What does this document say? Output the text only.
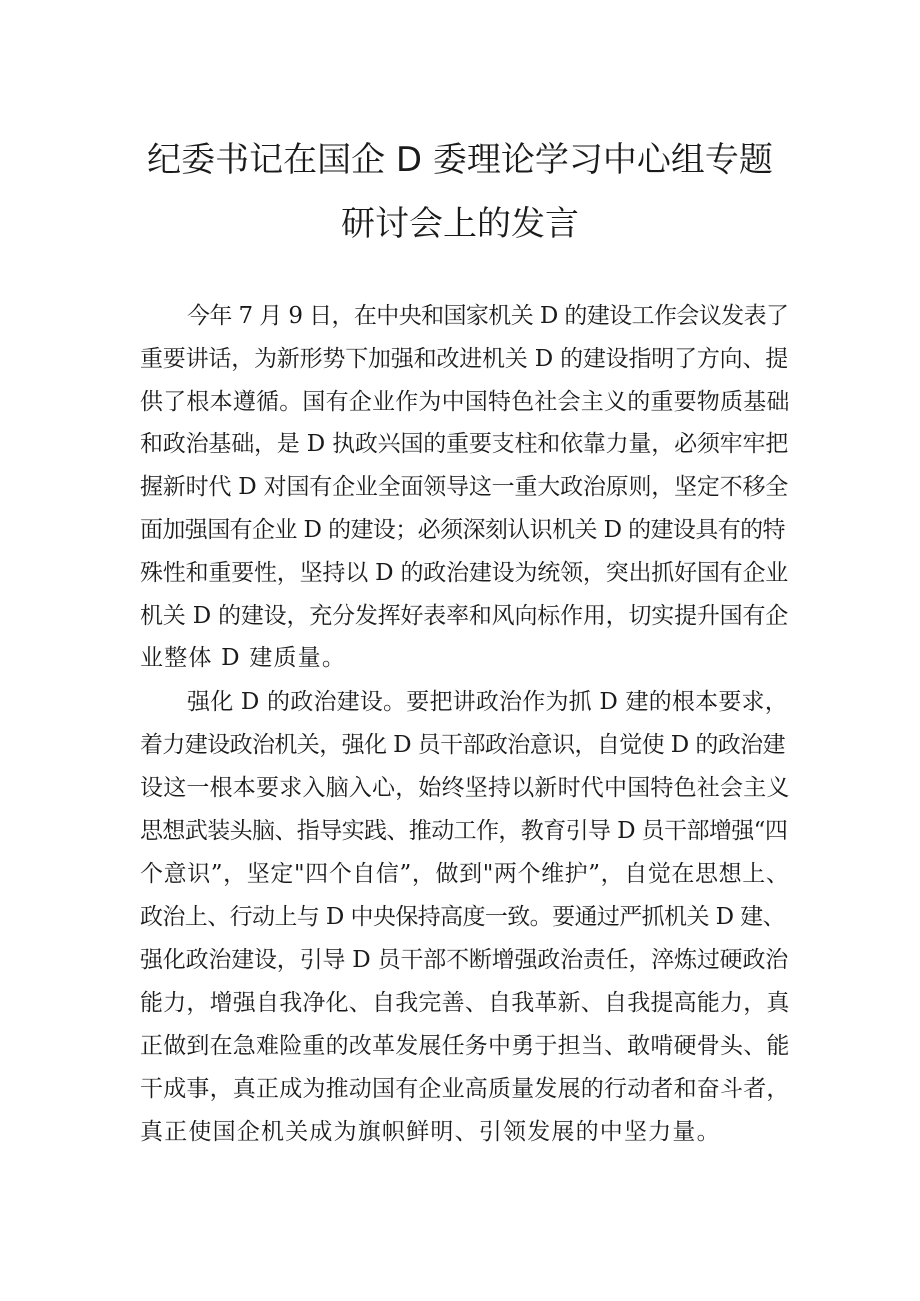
纪委书记在国企 D 委理论学习中心组专题
研讨会上的发言

今年 7 月 9 日，在中央和国家机关 D 的建设工作会议发表了

重要讲话，为新形势下加强和改进机关 D 的建设指明了方向、提

供了根本遵循。国有企业作为中国特色社会主义的重要物质基础

和政治基础，是 D 执政兴国的重要支柱和依靠力量，必须牢牢把

握新时代 D 对国有企业全面领导这一重大政治原则，坚定不移全

面加强国有企业 D 的建设；必须深刻认识机关 D 的建设具有的特

殊性和重要性，坚持以 D 的政治建设为统领，突出抓好国有企业

机关 D 的建设，充分发挥好表率和风向标作用，切实提升国有企

业整体 D 建质量。

强化 D 的政治建设。要把讲政治作为抓 D 建的根本要求，

着力建设政治机关，强化 D 员干部政治意识，自觉使 D 的政治建

设这一根本要求入脑入心，始终坚持以新时代中国特色社会主义

思想武装头脑、指导实践、推动工作，教育引导 D 员干部增强“四

个意识”，坚定"四个自信”，做到"两个维护”，自觉在思想上、

政治上、行动上与 D 中央保持高度一致。要通过严抓机关 D 建、

强化政治建设，引导 D 员干部不断增强政治责任，淬炼过硬政治

能力，增强自我净化、自我完善、自我革新、自我提高能力，真

正做到在急难险重的改革发展任务中勇于担当、敢啃硬骨头、能

干成事，真正成为推动国有企业高质量发展的行动者和奋斗者，

真正使国企机关成为旗帜鲜明、引领发展的中坚力量。
